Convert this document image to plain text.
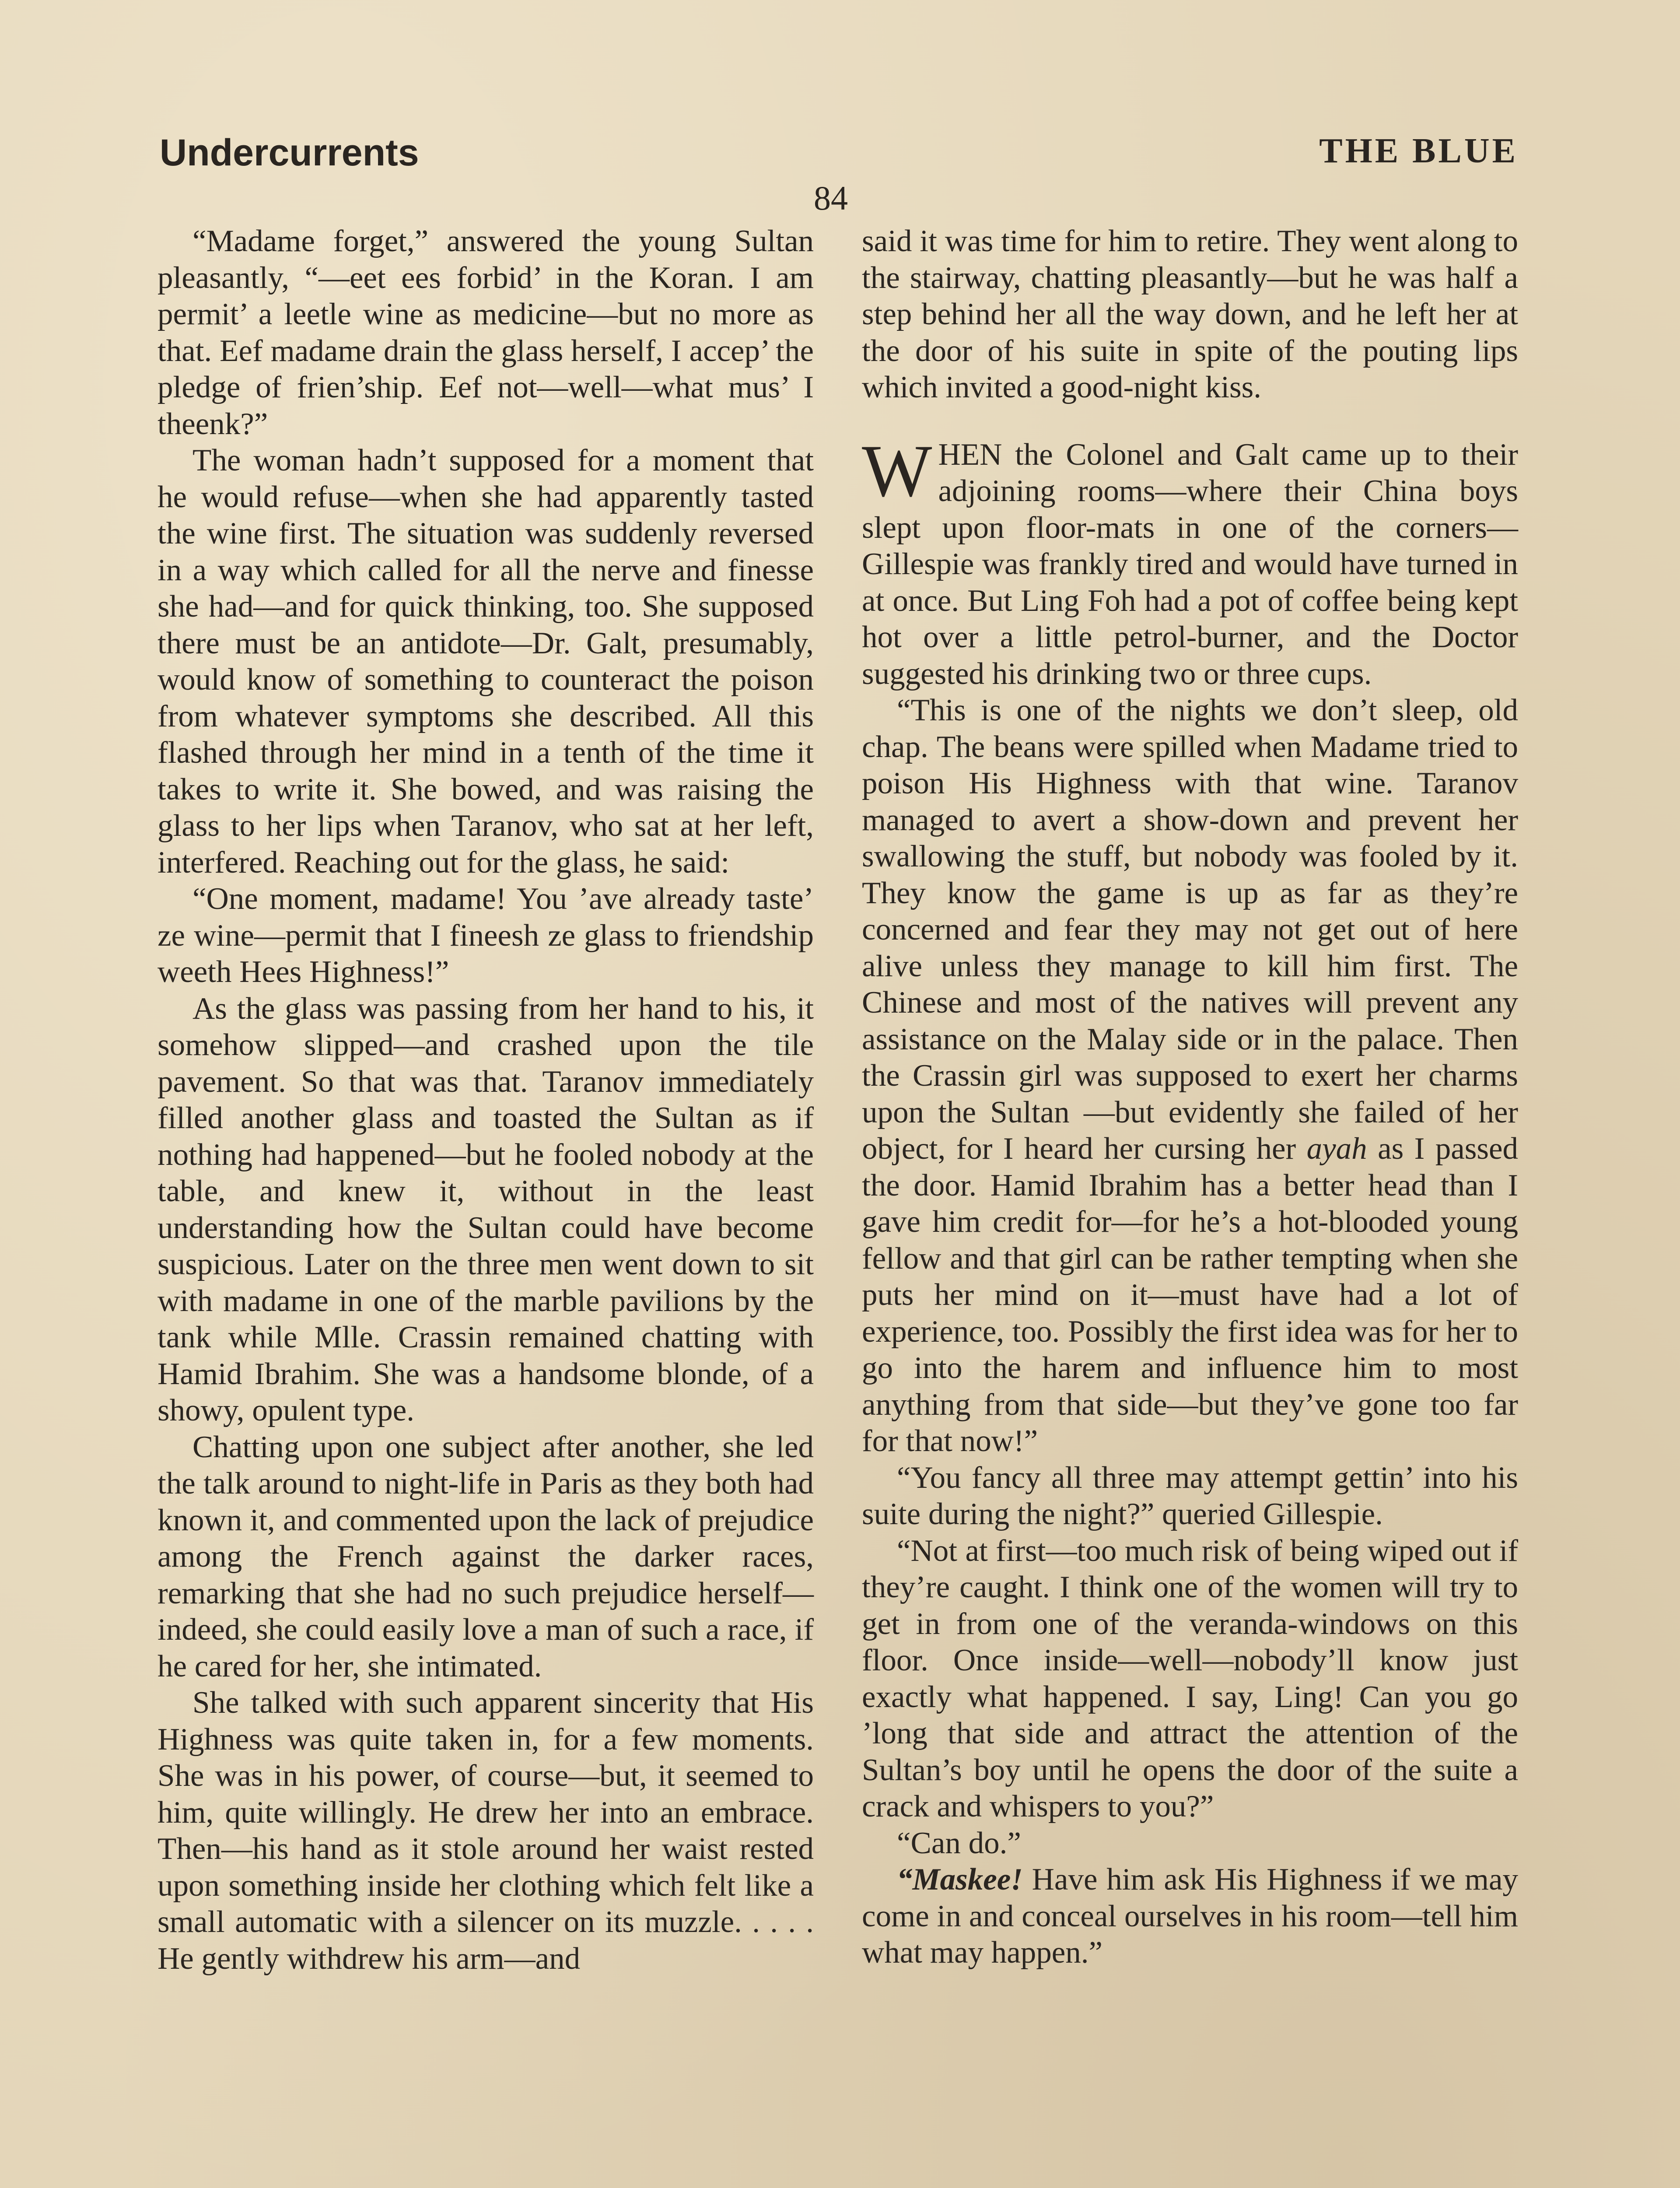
Undercurrents	THE BLUE
84

“Madame forget,” answered the young Sultan pleasantly, “—eet ees forbid’ in the Koran. I am permit’ a leetle wine as medicine—but no more as that. Eef madame drain the glass herself, I accep’ the pledge of frien’ship. Eef not—well—what mus’ I theenk?”

The woman hadn’t supposed for a moment that he would refuse—when she had apparently tasted the wine first. The situation was suddenly reversed in a way which called for all the nerve and finesse she had—and for quick thinking, too. She supposed there must be an antidote—Dr. Galt, presumably, would know of something to counteract the poison from whatever symptoms she described. All this flashed through her mind in a tenth of the time it takes to write it. She bowed, and was raising the glass to her lips when Taranov, who sat at her left, interfered. Reaching out for the glass, he said:

“One moment, madame! You ’ave already taste’ ze wine—permit that I fineesh ze glass to friendship weeth Hees Highness!”

As the glass was passing from her hand to his, it somehow slipped—and crashed upon the tile pavement. So that was that. Taranov immediately filled another glass and toasted the Sultan as if nothing had happened—but he fooled nobody at the table, and knew it, without in the least understanding how the Sultan could have become suspicious. Later on the three men went down to sit with madame in one of the marble pavilions by the tank while Mlle. Crassin remained chatting with Hamid Ibrahim. She was a handsome blonde, of a showy, opulent type.

Chatting upon one subject after another, she led the talk around to night-life in Paris as they both had known it, and commented upon the lack of prejudice among the French against the darker races, remarking that she had no such prejudice herself—indeed, she could easily love a man of such a race, if he cared for her, she intimated.

She talked with such apparent sincerity that His Highness was quite taken in, for a few moments. She was in his power, of course—but, it seemed to him, quite willingly. He drew her into an embrace. Then—his hand as it stole around her waist rested upon something inside her clothing which felt like a small automatic with a silencer on its muzzle. . . . . He gently withdrew his arm—and

said it was time for him to retire. They went along to the stairway, chatting pleasantly—but he was half a step behind her all the way down, and he left her at the door of his suite in spite of the pouting lips which invited a good-night kiss.

WHEN the Colonel and Galt came up to their adjoining rooms—where their China boys slept upon floor-mats in one of the corners—Gillespie was frankly tired and would have turned in at once. But Ling Foh had a pot of coffee being kept hot over a little petrol-burner, and the Doctor suggested his drinking two or three cups.

“This is one of the nights we don’t sleep, old chap. The beans were spilled when Madame tried to poison His Highness with that wine. Taranov managed to avert a show-down and prevent her swallowing the stuff, but nobody was fooled by it. They know the game is up as far as they’re concerned and fear they may not get out of here alive unless they manage to kill him first. The Chinese and most of the natives will prevent any assistance on the Malay side or in the palace. Then the Crassin girl was supposed to exert her charms upon the Sultan —but evidently she failed of her object, for I heard her cursing her ayah as I passed the door. Hamid Ibrahim has a better head than I gave him credit for—for he’s a hot-blooded young fellow and that girl can be rather tempting when she puts her mind on it—must have had a lot of experience, too. Possibly the first idea was for her to go into the harem and influence him to most anything from that side—but they’ve gone too far for that now!”

“You fancy all three may attempt gettin’ into his suite during the night?” queried Gillespie.

“Not at first—too much risk of being wiped out if they’re caught. I think one of the women will try to get in from one of the veranda-windows on this floor. Once inside—well—nobody’ll know just exactly what happened. I say, Ling! Can you go ’long that side and attract the attention of the Sultan’s boy until he opens the door of the suite a crack and whispers to you?”

“Can do.”

“Maskee! Have him ask His Highness if we may come in and conceal ourselves in his room—tell him what may happen.”
